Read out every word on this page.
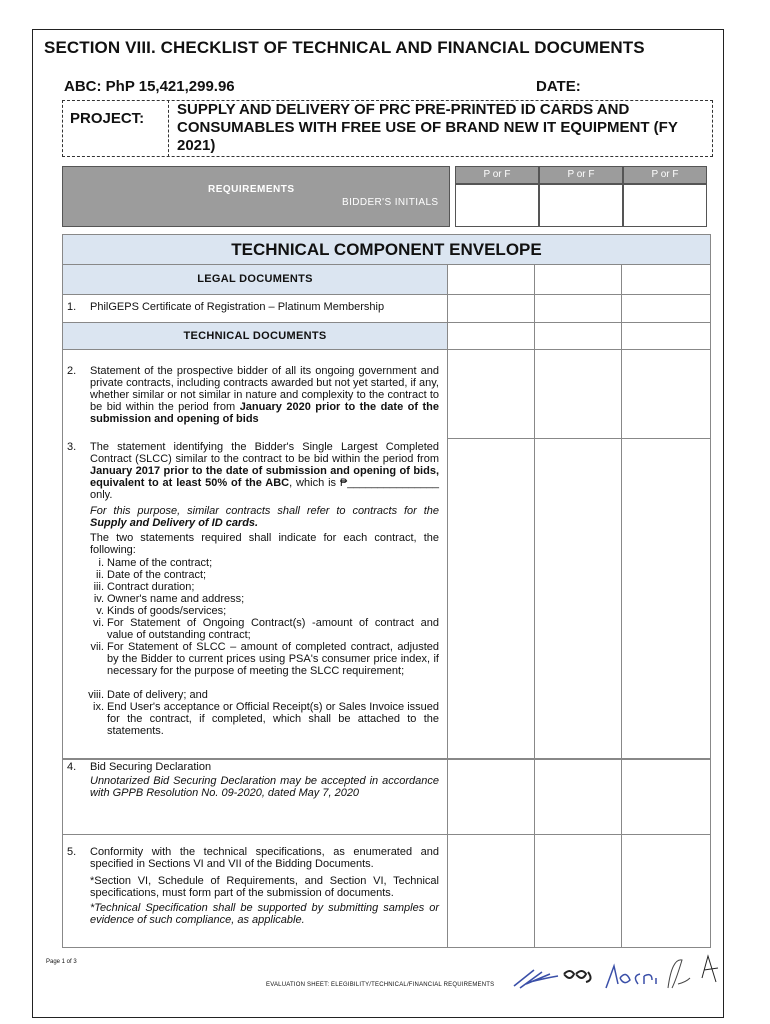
SECTION VIII. CHECKLIST OF TECHNICAL AND FINANCIAL DOCUMENTS
ABC: PhP 15,421,299.96	DATE:
PROJECT:
SUPPLY AND DELIVERY OF PRC PRE-PRINTED ID CARDS AND CONSUMABLES WITH FREE USE OF BRAND NEW IT EQUIPMENT (FY 2021)
REQUIREMENTS
BIDDER'S INITIALS
P or F	P or F	P or F
TECHNICAL COMPONENT ENVELOPE
LEGAL DOCUMENTS
1. PhilGEPS Certificate of Registration – Platinum Membership
TECHNICAL DOCUMENTS
2. Statement of the prospective bidder of all its ongoing government and private contracts, including contracts awarded but not yet started, if any, whether similar or not similar in nature and complexity to the contract to be bid within the period from January 2020 prior to the date of the submission and opening of bids
3. The statement identifying the Bidder's Single Largest Completed Contract (SLCC) similar to the contract to be bid within the period from January 2017 prior to the date of submission and opening of bids, equivalent to at least 50% of the ABC, which is ₱_______________ only.
For this purpose, similar contracts shall refer to contracts for the Supply and Delivery of ID cards.
The two statements required shall indicate for each contract, the following:
i. Name of the contract;
ii. Date of the contract;
iii. Contract duration;
iv. Owner's name and address;
v. Kinds of goods/services;
vi. For Statement of Ongoing Contract(s) -amount of contract and value of outstanding contract;
vii. For Statement of SLCC – amount of completed contract, adjusted by the Bidder to current prices using PSA's consumer price index, if necessary for the purpose of meeting the SLCC requirement;
viii. Date of delivery; and
ix. End User's acceptance or Official Receipt(s) or Sales Invoice issued for the contract, if completed, which shall be attached to the statements.
4. Bid Securing Declaration
Unnotarized Bid Securing Declaration may be accepted in accordance with GPPB Resolution No. 09-2020, dated May 7, 2020
5. Conformity with the technical specifications, as enumerated and specified in Sections VI and VII of the Bidding Documents.
*Section VI, Schedule of Requirements, and Section VI, Technical specifications, must form part of the submission of documents.
*Technical Specification shall be supported by submitting samples or evidence of such compliance, as applicable.
Page 1 of 3
EVALUATION SHEET: ELEGIBILITY/TECHNICAL/FINANCIAL REQUIREMENTS
